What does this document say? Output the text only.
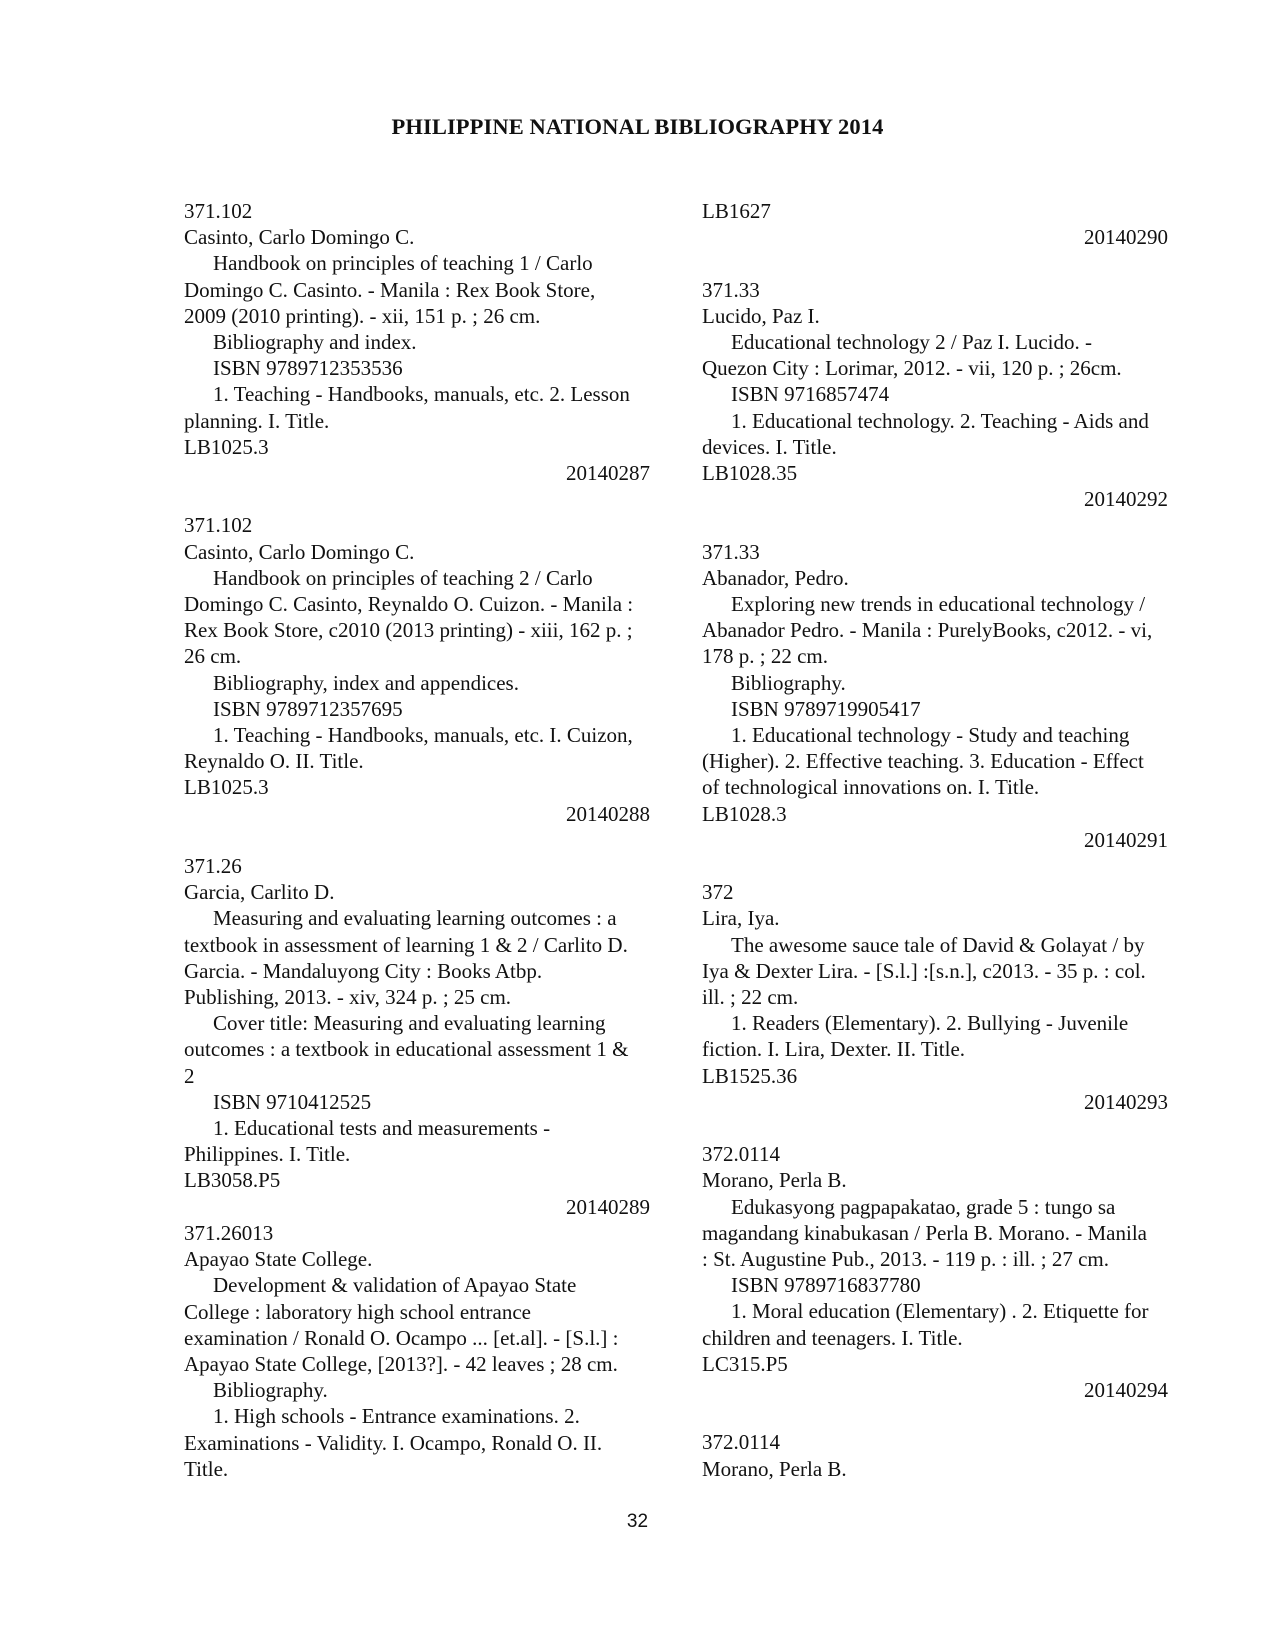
PHILIPPINE NATIONAL BIBLIOGRAPHY 2014
371.102
Casinto, Carlo Domingo C.
Handbook on principles of teaching 1 / Carlo
Domingo C. Casinto. - Manila : Rex Book Store,
2009 (2010 printing). - xii, 151 p. ; 26 cm.
Bibliography and index.
ISBN 9789712353536
1. Teaching - Handbooks, manuals, etc. 2. Lesson
planning. I. Title.
LB1025.3
20140287
371.102
Casinto, Carlo Domingo C.
Handbook on principles of teaching 2 / Carlo
Domingo C. Casinto, Reynaldo O. Cuizon. - Manila :
Rex Book Store, c2010 (2013 printing) - xiii, 162 p. ;
26 cm.
Bibliography, index and appendices.
ISBN 9789712357695
1. Teaching - Handbooks, manuals, etc. I. Cuizon,
Reynaldo O. II. Title.
LB1025.3
20140288
371.26
Garcia, Carlito D.
Measuring and evaluating learning outcomes : a
textbook in assessment of learning 1 & 2 / Carlito D.
Garcia. - Mandaluyong City : Books Atbp.
Publishing, 2013. - xiv, 324 p. ; 25 cm.
Cover title: Measuring and evaluating learning
outcomes : a textbook in educational assessment 1 &
2
ISBN 9710412525
1. Educational tests and measurements -
Philippines. I. Title.
LB3058.P5
20140289
371.26013
Apayao State College.
Development & validation of Apayao State
College : laboratory high school entrance
examination / Ronald O. Ocampo ... [et.al]. - [S.l.] :
Apayao State College, [2013?]. - 42 leaves ; 28 cm.
Bibliography.
1. High schools - Entrance examinations. 2.
Examinations - Validity. I. Ocampo, Ronald O. II.
Title.
LB1627
20140290
371.33
Lucido, Paz I.
Educational technology 2 / Paz I. Lucido. -
Quezon City : Lorimar, 2012. - vii, 120 p. ; 26cm.
ISBN 9716857474
1. Educational technology. 2. Teaching - Aids and
devices. I. Title.
LB1028.35
20140292
371.33
Abanador, Pedro.
Exploring new trends in educational technology /
Abanador Pedro. - Manila : PurelyBooks, c2012. - vi,
178 p. ; 22 cm.
Bibliography.
ISBN 9789719905417
1. Educational technology - Study and teaching
(Higher). 2. Effective teaching. 3. Education - Effect
of technological innovations on. I. Title.
LB1028.3
20140291
372
Lira, Iya.
The awesome sauce tale of David & Golayat / by
Iya & Dexter Lira. - [S.l.] :[s.n.], c2013. - 35 p. : col.
ill. ; 22 cm.
1. Readers (Elementary). 2. Bullying - Juvenile
fiction. I. Lira, Dexter. II. Title.
LB1525.36
20140293
372.0114
Morano, Perla B.
Edukasyong pagpapakatao, grade 5 : tungo sa
magandang kinabukasan / Perla B. Morano. - Manila
: St. Augustine Pub., 2013. - 119 p. : ill. ; 27 cm.
ISBN 9789716837780
1. Moral education (Elementary) . 2. Etiquette for
children and teenagers. I. Title.
LC315.P5
20140294
372.0114
Morano, Perla B.
32
